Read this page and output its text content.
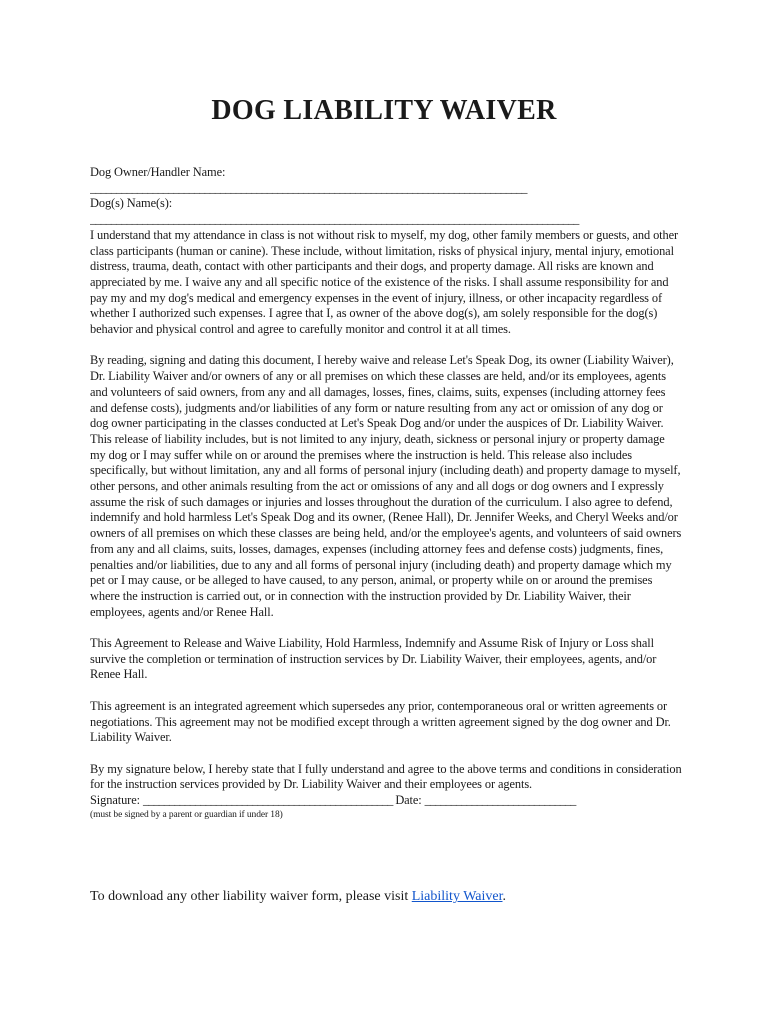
DOG LIABILITY WAIVER
Dog Owner/Handler Name:
____________________________________________________________________________________
Dog(s) Name(s):
______________________________________________________________________________________________

I understand that my attendance in class is not without risk to myself, my dog, other family members or guests, and other class participants (human or canine). These include, without limitation, risks of physical injury, mental injury, emotional distress, trauma, death, contact with other participants and their dogs, and property damage. All risks are known and appreciated by me. I waive any and all specific notice of the existence of the risks. I shall assume responsibility for and pay my and my dog's medical and emergency expenses in the event of injury, illness, or other incapacity regardless of whether I authorized such expenses. I agree that I, as owner of the above dog(s), am solely responsible for the dog(s) behavior and physical control and agree to carefully monitor and control it at all times.

By reading, signing and dating this document, I hereby waive and release Let's Speak Dog, its owner (Liability Waiver), Dr. Liability Waiver and/or owners of any or all premises on which these classes are held, and/or its employees, agents and volunteers of said owners, from any and all damages, losses, fines, claims, suits, expenses (including attorney fees and defense costs), judgments and/or liabilities of any form or nature resulting from any act or omission of any dog or dog owner participating in the classes conducted at Let's Speak Dog and/or under the auspices of Dr. Liability Waiver. This release of liability includes, but is not limited to any injury, death, sickness or personal injury or property damage my dog or I may suffer while on or around the premises where the instruction is held. This release also includes specifically, but without limitation, any and all forms of personal injury (including death) and property damage to myself, other persons, and other animals resulting from the act or omissions of any and all dogs or dog owners and I expressly assume the risk of such damages or injuries and losses throughout the duration of the curriculum. I also agree to defend, indemnify and hold harmless Let's Speak Dog and its owner, (Renee Hall), Dr. Jennifer Weeks, and Cheryl Weeks and/or owners of all premises on which these classes are being held, and/or the employee's agents, and volunteers of said owners from any and all claims, suits, losses, damages, expenses (including attorney fees and defense costs) judgments, fines, penalties and/or liabilities, due to any and all forms of personal injury (including death) and property damage which my pet or I may cause, or be alleged to have caused, to any person, animal, or property while on or around the premises where the instruction is carried out, or in connection with the instruction provided by Dr. Liability Waiver, their employees, agents and/or Renee Hall.

This Agreement to Release and Waive Liability, Hold Harmless, Indemnify and Assume Risk of Injury or Loss shall survive the completion or termination of instruction services by Dr. Liability Waiver, their employees, agents, and/or Renee Hall.

This agreement is an integrated agreement which supersedes any prior, contemporaneous oral or written agreements or negotiations. This agreement may not be modified except through a written agreement signed by the dog owner and Dr. Liability Waiver.

By my signature below, I hereby state that I fully understand and agree to the above terms and conditions in consideration for the instruction services provided by Dr. Liability Waiver and their employees or agents.

Signature: ________________________________________________ Date: _____________________________
(must be signed by a parent or guardian if under 18)
To download any other liability waiver form, please visit Liability Waiver.
